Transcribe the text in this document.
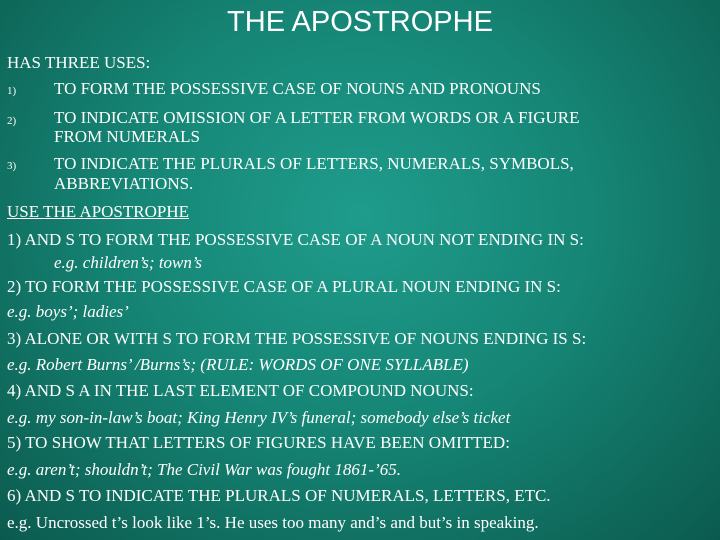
THE APOSTROPHE
HAS THREE USES:
1) TO FORM THE POSSESSIVE CASE OF NOUNS AND PRONOUNS
2) TO INDICATE OMISSION OF A LETTER FROM WORDS OR A FIGURE
FROM NUMERALS
3) TO INDICATE THE PLURALS OF LETTERS, NUMERALS, SYMBOLS,
ABBREVIATIONS.
USE THE APOSTROPHE
1) AND S TO FORM THE POSSESSIVE CASE OF A NOUN NOT ENDING IN S:
e.g. children’s; town’s
2) TO FORM THE POSSESSIVE CASE OF A PLURAL NOUN ENDING IN S:
e.g. boys’; ladies’
3) ALONE OR WITH S TO FORM THE POSSESSIVE OF NOUNS ENDING IS S:
e.g. Robert Burns’ /Burns’s; (RULE: WORDS OF ONE SYLLABLE)
4) AND S A IN THE LAST ELEMENT OF COMPOUND NOUNS:
e.g. my son-in-law’s boat; King Henry IV’s funeral; somebody else’s ticket
5) TO SHOW THAT LETTERS OF FIGURES HAVE BEEN OMITTED:
e.g. aren’t; shouldn’t; The Civil War was fought 1861-’65.
6) AND S TO INDICATE THE PLURALS OF NUMERALS, LETTERS, ETC.
e.g. Uncrossed t’s look like 1’s. He uses too many and’s and but’s in speaking.
